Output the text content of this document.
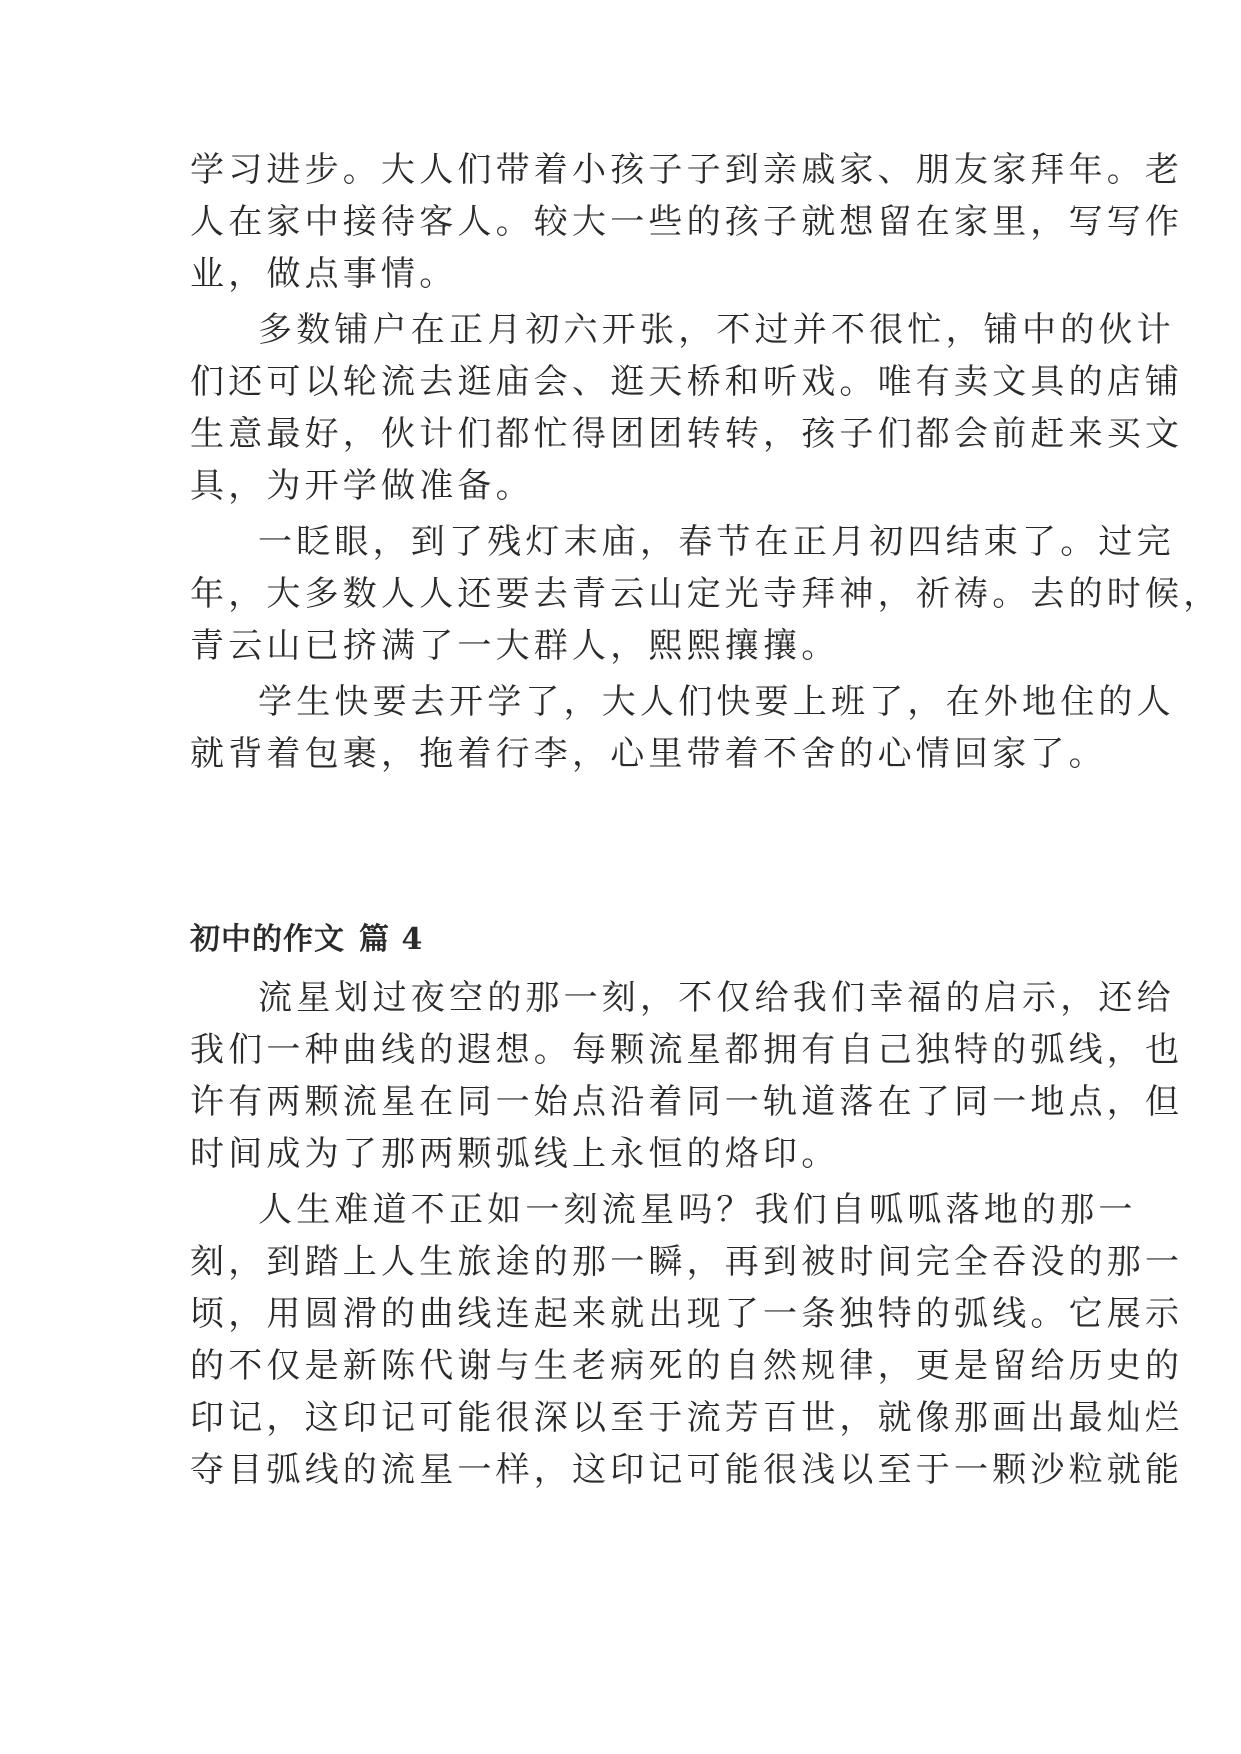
学习进步。大人们带着小孩子子到亲戚家、朋友家拜年。老

人在家中接待客人。较大一些的孩子就想留在家里，写写作

业，做点事情。

多数铺户在正月初六开张，不过并不很忙，铺中的伙计

们还可以轮流去逛庙会、逛天桥和听戏。唯有卖文具的店铺

生意最好，伙计们都忙得团团转转，孩子们都会前赶来买文

具，为开学做准备。

一眨眼，到了残灯末庙，春节在正月初四结束了。过完

年，大多数人人还要去青云山定光寺拜神，祈祷。去的时候，

青云山已挤满了一大群人，熙熙攘攘。

学生快要去开学了，大人们快要上班了，在外地住的人

就背着包裹，拖着行李，心里带着不舍的心情回家了。

初中的作文 篇 4

流星划过夜空的那一刻，不仅给我们幸福的启示，还给

我们一种曲线的遐想。每颗流星都拥有自己独特的弧线，也

许有两颗流星在同一始点沿着同一轨道落在了同一地点，但

时间成为了那两颗弧线上永恒的烙印。

人生难道不正如一刻流星吗？我们自呱呱落地的那一

刻，到踏上人生旅途的那一瞬，再到被时间完全吞没的那一

顷，用圆滑的曲线连起来就出现了一条独特的弧线。它展示

的不仅是新陈代谢与生老病死的自然规律，更是留给历史的

印记，这印记可能很深以至于流芳百世，就像那画出最灿烂

夺目弧线的流星一样，这印记可能很浅以至于一颗沙粒就能
